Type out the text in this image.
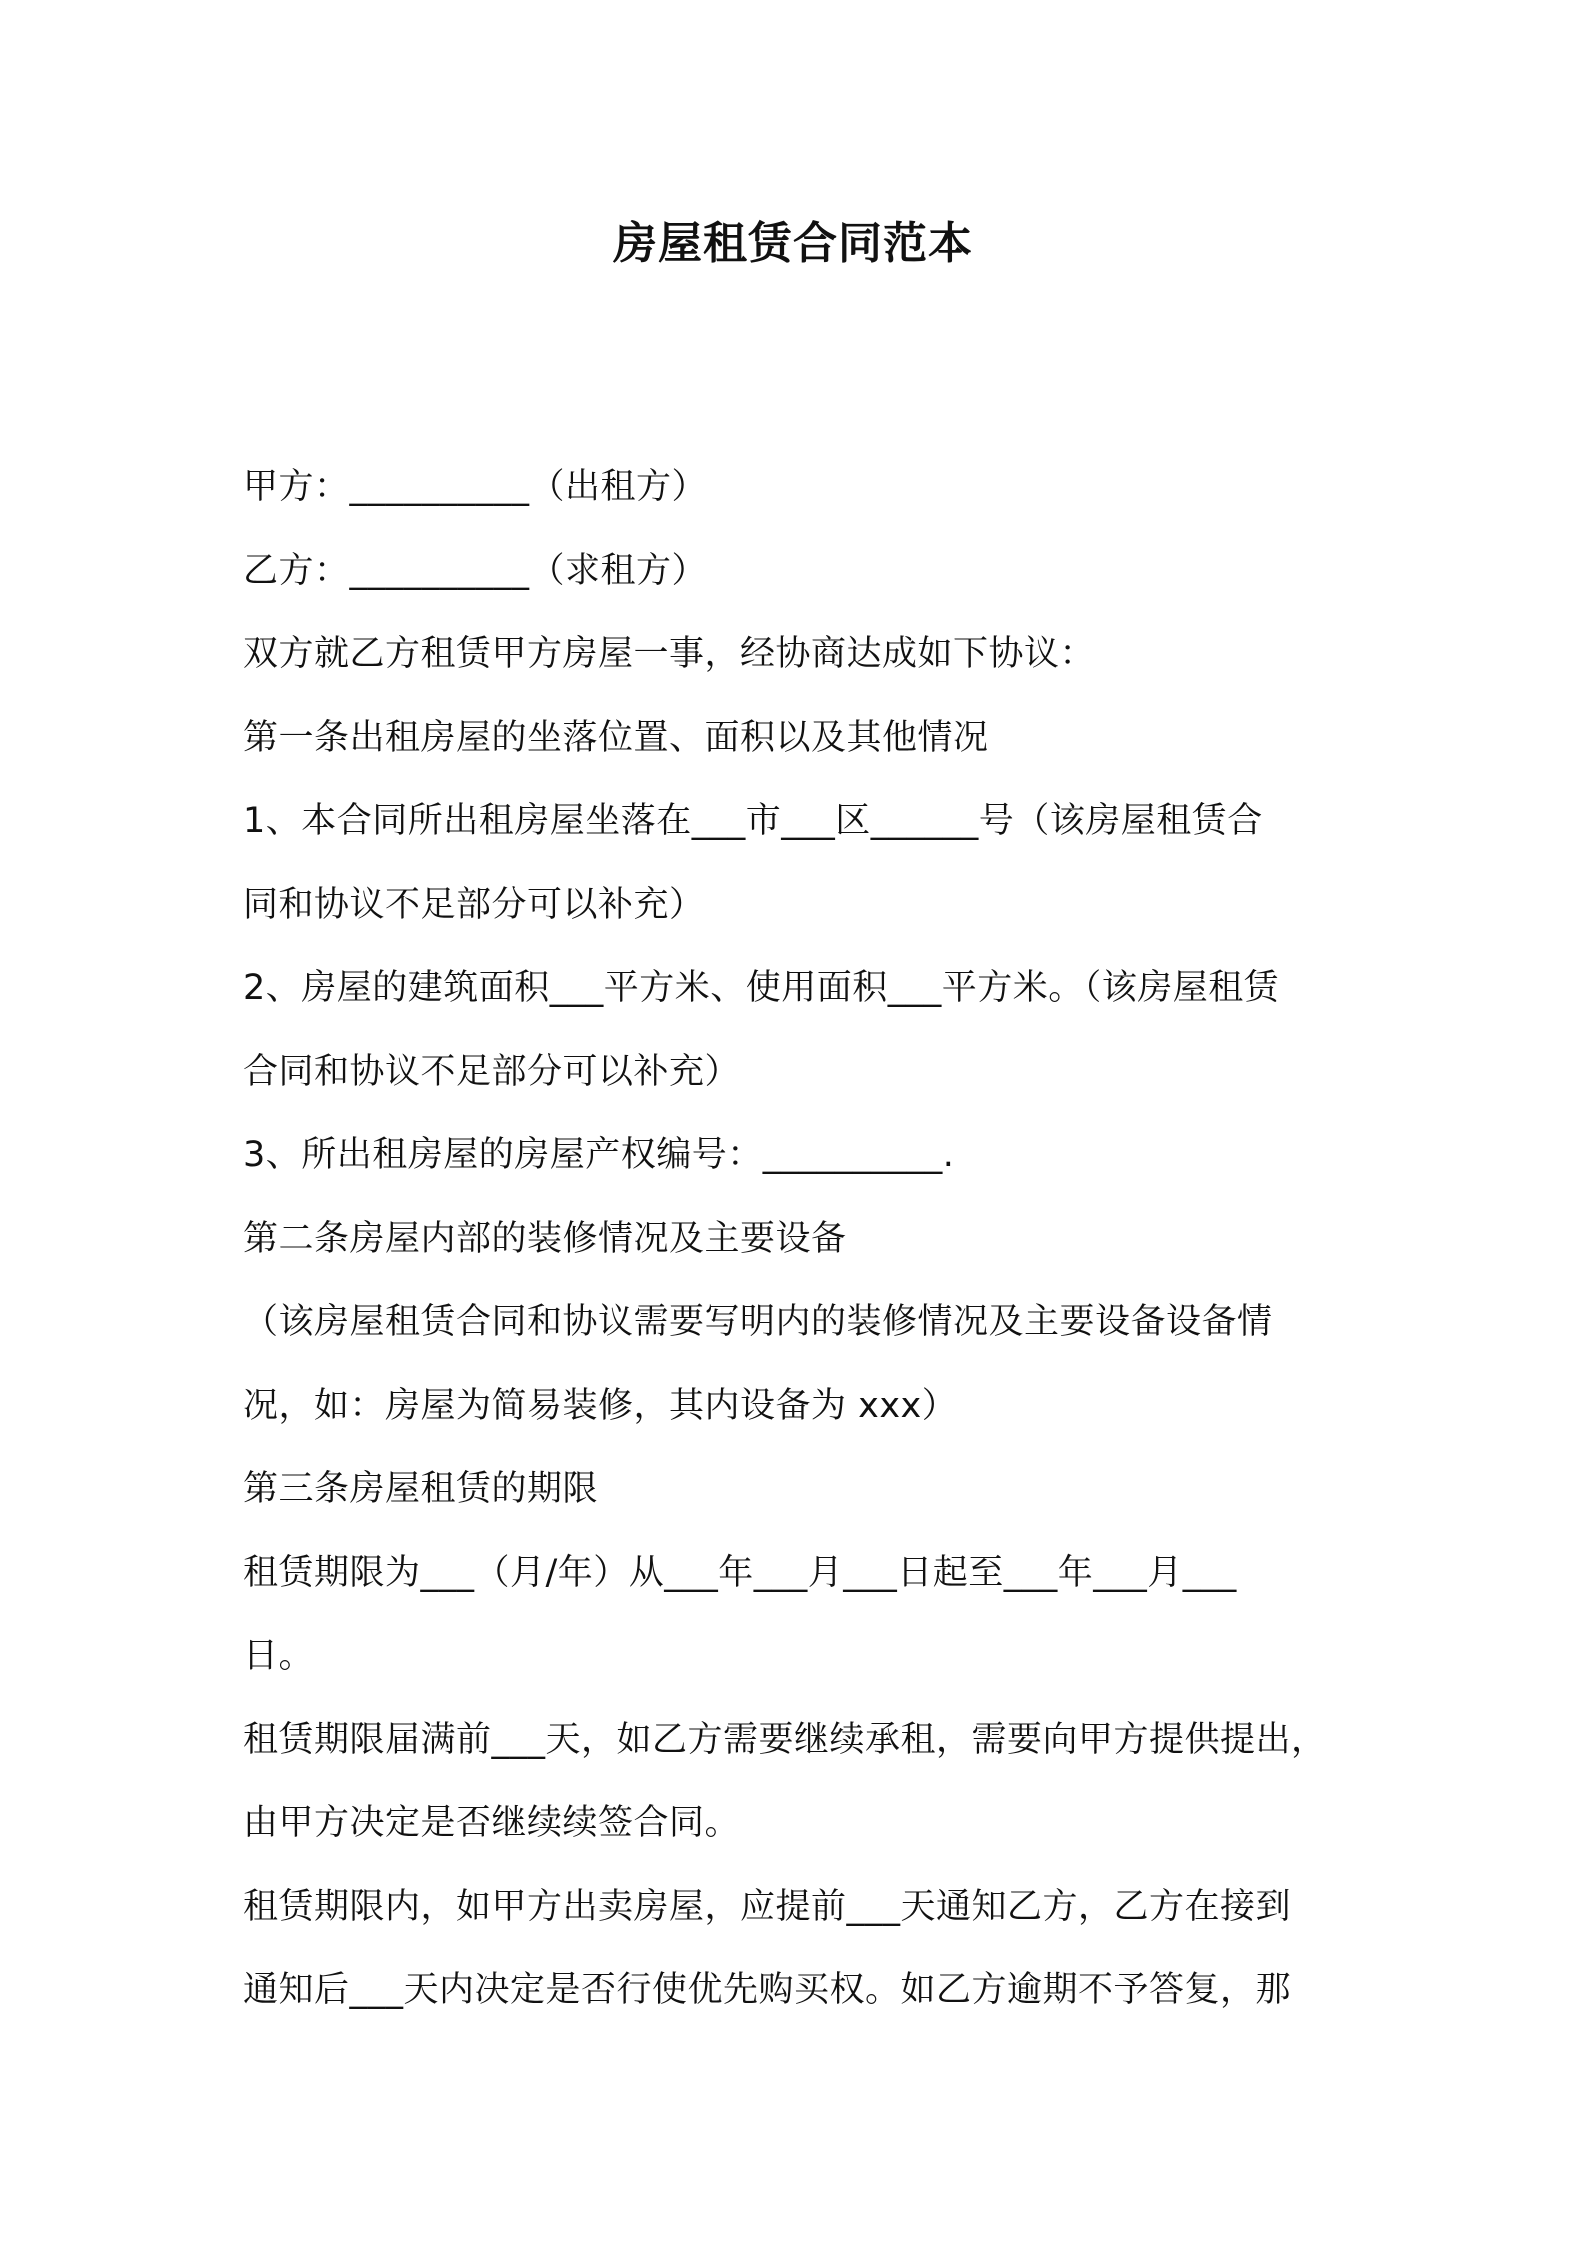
房屋租赁合同范本

甲方：__________（出租方）

乙方：__________（求租方）

双方就乙方租赁甲方房屋一事，经协商达成如下协议：

第一条出租房屋的坐落位置、面积以及其他情况

1、本合同所出租房屋坐落在___市___区______号（该房屋租赁合

同和协议不足部分可以补充）

2、房屋的建筑面积___平方米、使用面积___平方米。（该房屋租赁

合同和协议不足部分可以补充）

3、所出租房屋的房屋产权编号：__________.

第二条房屋内部的装修情况及主要设备

（该房屋租赁合同和协议需要写明内的装修情况及主要设备设备情

况，如：房屋为简易装修，其内设备为 xxx）

第三条房屋租赁的期限

租赁期限为___（月/年）从___年___月___日起至___年___月___

日。

租赁期限届满前___天，如乙方需要继续承租，需要向甲方提供提出，

由甲方决定是否继续续签合同。

租赁期限内，如甲方出卖房屋，应提前___天通知乙方，乙方在接到

通知后___天内决定是否行使优先购买权。如乙方逾期不予答复，那
